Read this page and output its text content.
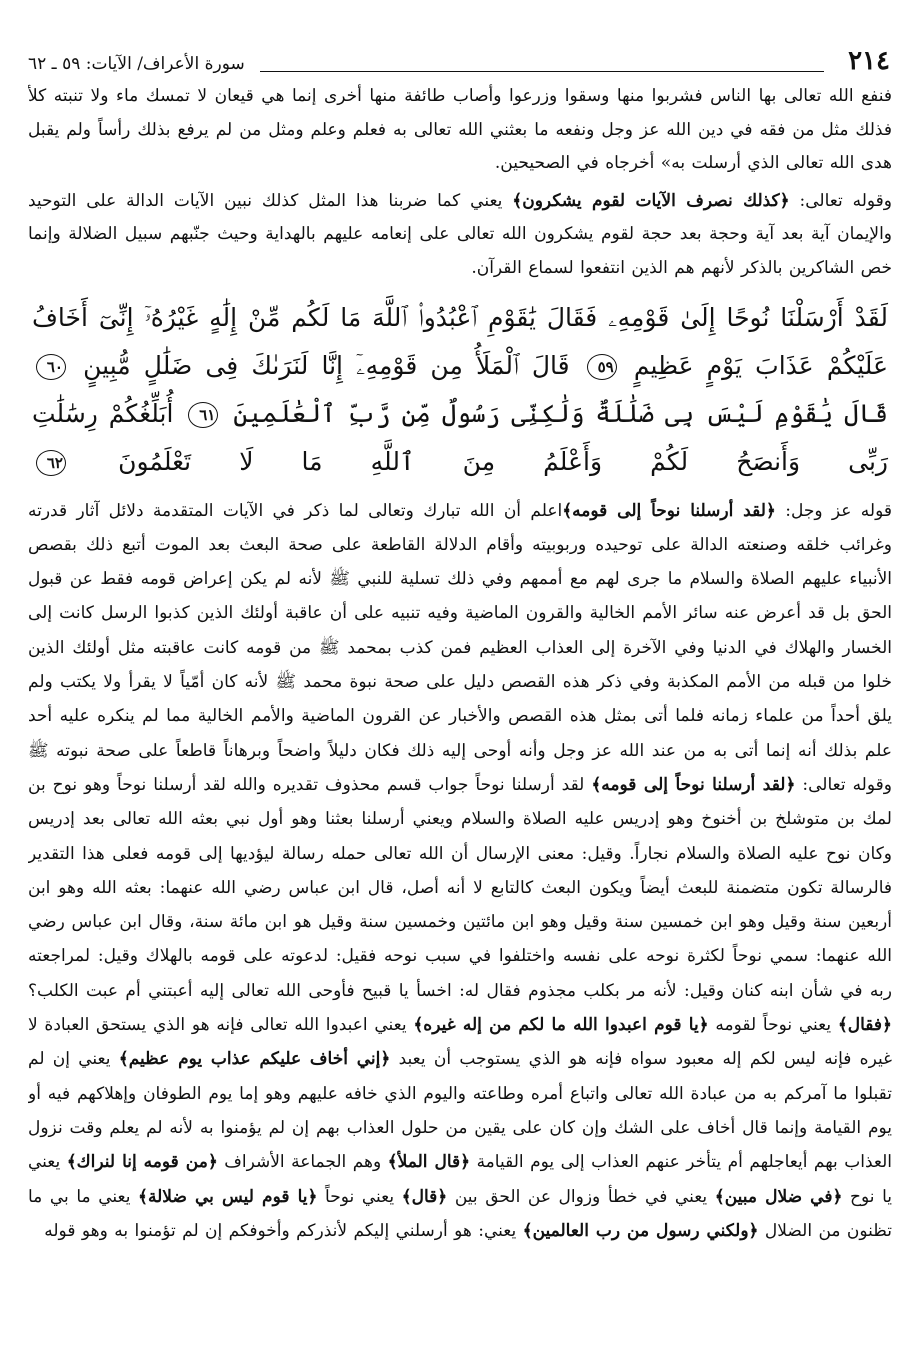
٢١٤
سورة الأعراف/ الآيات: ٥٩ ـ ٦٢

فنفع الله تعالى بها الناس فشربوا منها وسقوا وزرعوا وأصاب طائفة منها أخرى إنما هي قيعان لا تمسك ماء ولا تنبته كلأ فذلك مثل من فقه في دين الله عز وجل ونفعه ما بعثني الله تعالى به فعلم وعلم ومثل من لم يرفع بذلك رأساً ولم يقبل هدى الله تعالى الذي أرسلت به» أخرجاه في الصحيحين.

وقوله تعالى: ﴿كذلك نصرف الآيات لقوم يشكرون﴾ يعني كما ضربنا هذا المثل كذلك نبين الآيات الدالة على التوحيد والإيمان آية بعد آية وحجة بعد حجة لقوم يشكرون الله تعالى على إنعامه عليهم بالهداية وحيث جنّبهم سبيل الضلالة وإنما خص الشاكرين بالذكر لأنهم هم الذين انتفعوا لسماع القرآن.

لَقَدْ أَرْسَلْنَا نُوحًا إِلَىٰ قَوْمِهِۦ فَقَالَ يَٰقَوْمِ ٱعْبُدُوا۟ ٱللَّهَ مَا لَكُم مِّنْ إِلَٰهٍ غَيْرُهُۥٓ إِنِّىٓ أَخَافُ عَلَيْكُمْ عَذَابَ يَوْمٍ عَظِيمٍ ٥٩ قَالَ ٱلْمَلَأُ مِن قَوْمِهِۦٓ إِنَّا لَنَرَىٰكَ فِى ضَلَٰلٍ مُّبِينٍ ٦٠ قَالَ يَٰقَوْمِ لَيْسَ بِى ضَلَٰلَةٌ وَلَٰكِنِّى رَسُولٌ مِّن رَّبِّ ٱلْعَٰلَمِينَ ٦١ أُبَلِّغُكُمْ رِسَٰلَٰتِ رَبِّى وَأَنصَحُ لَكُمْ وَأَعْلَمُ مِنَ ٱللَّهِ مَا لَا تَعْلَمُونَ ٦٢

قوله عز وجل: ﴿لقد أرسلنا نوحاً إلى قومه﴾اعلم أن الله تبارك وتعالى لما ذكر في الآيات المتقدمة دلائل آثار قدرته وغرائب خلقه وصنعته الدالة على توحيده وربوبيته وأقام الدلالة القاطعة على صحة البعث بعد الموت أتبع ذلك بقصص الأنبياء عليهم الصلاة والسلام ما جرى لهم مع أممهم وفي ذلك تسلية للنبي ﷺ لأنه لم يكن إعراض قومه فقط عن قبول الحق بل قد أعرض عنه سائر الأمم الخالية والقرون الماضية وفيه تنبيه على أن عاقبة أولئك الذين كذبوا الرسل كانت إلى الخسار والهلاك في الدنيا وفي الآخرة إلى العذاب العظيم فمن كذب بمحمد ﷺ من قومه كانت عاقبته مثل أولئك الذين خلوا من قبله من الأمم المكذبة وفي ذكر هذه القصص دليل على صحة نبوة محمد ﷺ لأنه كان أمّياً لا يقرأ ولا يكتب ولم يلق أحداً من علماء زمانه فلما أتى بمثل هذه القصص والأخبار عن القرون الماضية والأمم الخالية مما لم ينكره عليه أحد علم بذلك أنه إنما أتى به من عند الله عز وجل وأنه أوحى إليه ذلك فكان دليلاً واضحاً وبرهاناً قاطعاً على صحة نبوته ﷺ وقوله تعالى: ﴿لقد أرسلنا نوحاً إلى قومه﴾ لقد أرسلنا نوحاً جواب قسم محذوف تقديره والله لقد أرسلنا نوحاً وهو نوح بن لمك بن متوشلخ بن أخنوخ وهو إدريس عليه الصلاة والسلام ويعني أرسلنا بعثنا وهو أول نبي بعثه الله تعالى بعد إدريس وكان نوح عليه الصلاة والسلام نجاراً. وقيل: معنى الإرسال أن الله تعالى حمله رسالة ليؤديها إلى قومه فعلى هذا التقدير فالرسالة تكون متضمنة للبعث أيضاً ويكون البعث كالتابع لا أنه أصل، قال ابن عباس رضي الله عنهما: بعثه الله وهو ابن أربعين سنة وقيل وهو ابن خمسين سنة وقيل وهو ابن مائتين وخمسين سنة وقيل هو ابن مائة سنة، وقال ابن عباس رضي الله عنهما: سمي نوحاً لكثرة نوحه على نفسه واختلفوا في سبب نوحه فقيل: لدعوته على قومه بالهلاك وقيل: لمراجعته ربه في شأن ابنه كنان وقيل: لأنه مر بكلب مجذوم فقال له: اخسأ يا قبيح فأوحى الله تعالى إليه أعبتني أم عبت الكلب؟ ﴿فقال﴾ يعني نوحاً لقومه ﴿يا قوم اعبدوا الله ما لكم من إله غيره﴾ يعني اعبدوا الله تعالى فإنه هو الذي يستحق العبادة لا غيره فإنه ليس لكم إله معبود سواه فإنه هو الذي يستوجب أن يعبد ﴿إني أخاف عليكم عذاب يوم عظيم﴾ يعني إن لم تقبلوا ما آمركم به من عبادة الله تعالى واتباع أمره وطاعته واليوم الذي خافه عليهم وهو إما يوم الطوفان وإهلاكهم فيه أو يوم القيامة وإنما قال أخاف على الشك وإن كان على يقين من حلول العذاب بهم إن لم يؤمنوا به لأنه لم يعلم وقت نزول العذاب بهم أيعاجلهم أم يتأخر عنهم العذاب إلى يوم القيامة ﴿قال الملأ﴾ وهم الجماعة الأشراف ﴿من قومه إنا لنراك﴾ يعني يا نوح ﴿في ضلال مبين﴾ يعني في خطأ وزوال عن الحق بين ﴿قال﴾ يعني نوحاً ﴿يا قوم ليس بي ضلالة﴾ يعني ما بي ما تظنون من الضلال ﴿ولكني رسول من رب العالمين﴾ يعني: هو أرسلني إليكم لأنذركم وأخوفكم إن لم تؤمنوا به وهو قوله
